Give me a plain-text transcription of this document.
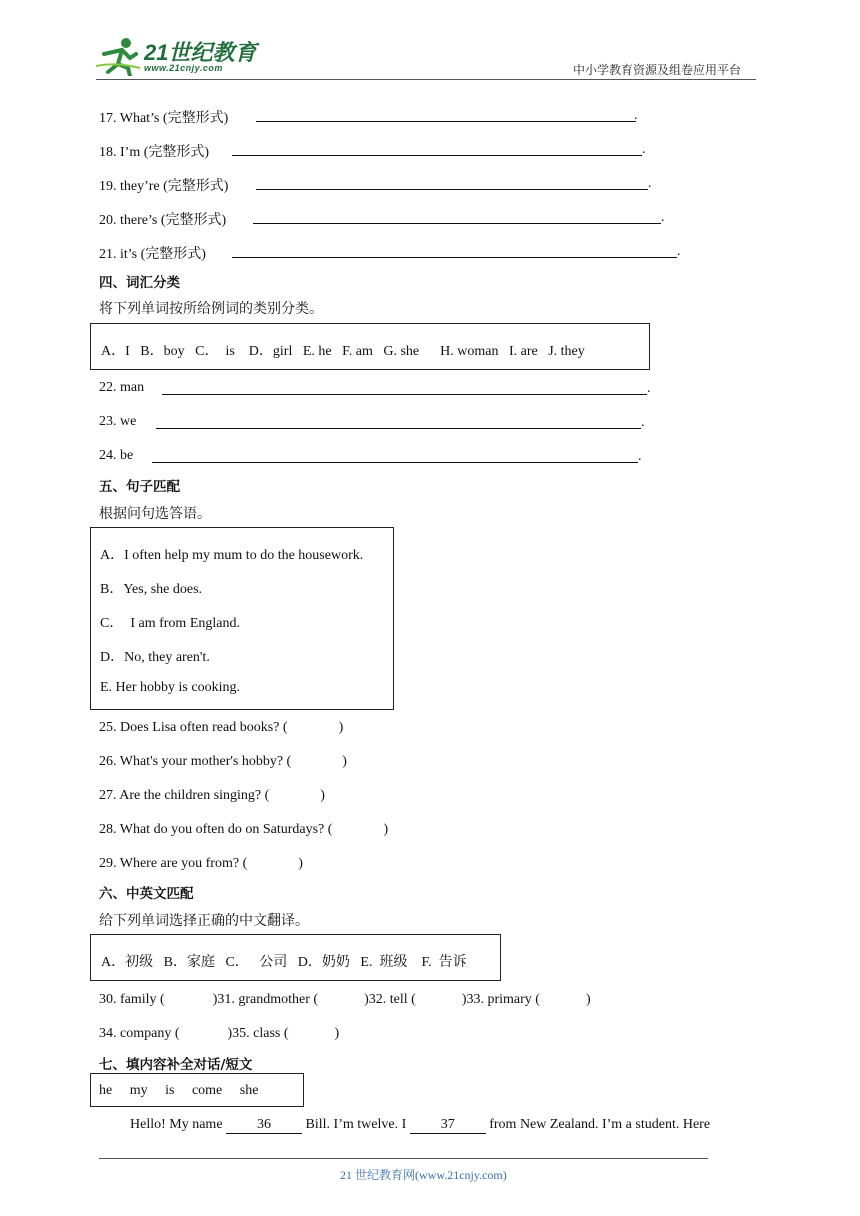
21世纪教育
www.21cnjy.com	中小学教育资源及组卷应用平台
17. What’s (完整形式)	.
18. I’m (完整形式)	.
19. they’re (完整形式)	.
20. there’s (完整形式)	.
21. it’s (完整形式)	.
四、词汇分类
将下列单词按所给例词的类别分类。
A．I   B．boy   C．  is    D．girl   E. he   F. am   G. she      H. woman   I. are   J. they
22. man	.
23. we	.
24. be	.
五、句子匹配
根据问句选答语。
A．I often help my mum to do the housework.
B．Yes, she does.
C．  I am from England.
D．No, they aren't.
E. Her hobby is cooking.
25. Does Lisa often read books? (	)
26. What's your mother's hobby? (	)
27. Are the children singing? (	)
28. What do you often do on Saturdays? (	)
29. Where are you from? (	)
六、中英文匹配
给下列单词选择正确的中文翻译。
A．初级   B．家庭   C．   公司   D．奶奶   E.  班级    F.  告诉
30. family (	)31. grandmother (	)32. tell (	)33. primary (	)
34. company (	)35. class (	)
七、填内容补全对话/短文
he     my     is     come     she
Hello! My name 36 Bill. I’m twelve. I 37 from New Zealand. I’m a student. Here
21 世纪教育网(www.21cnjy.com)
